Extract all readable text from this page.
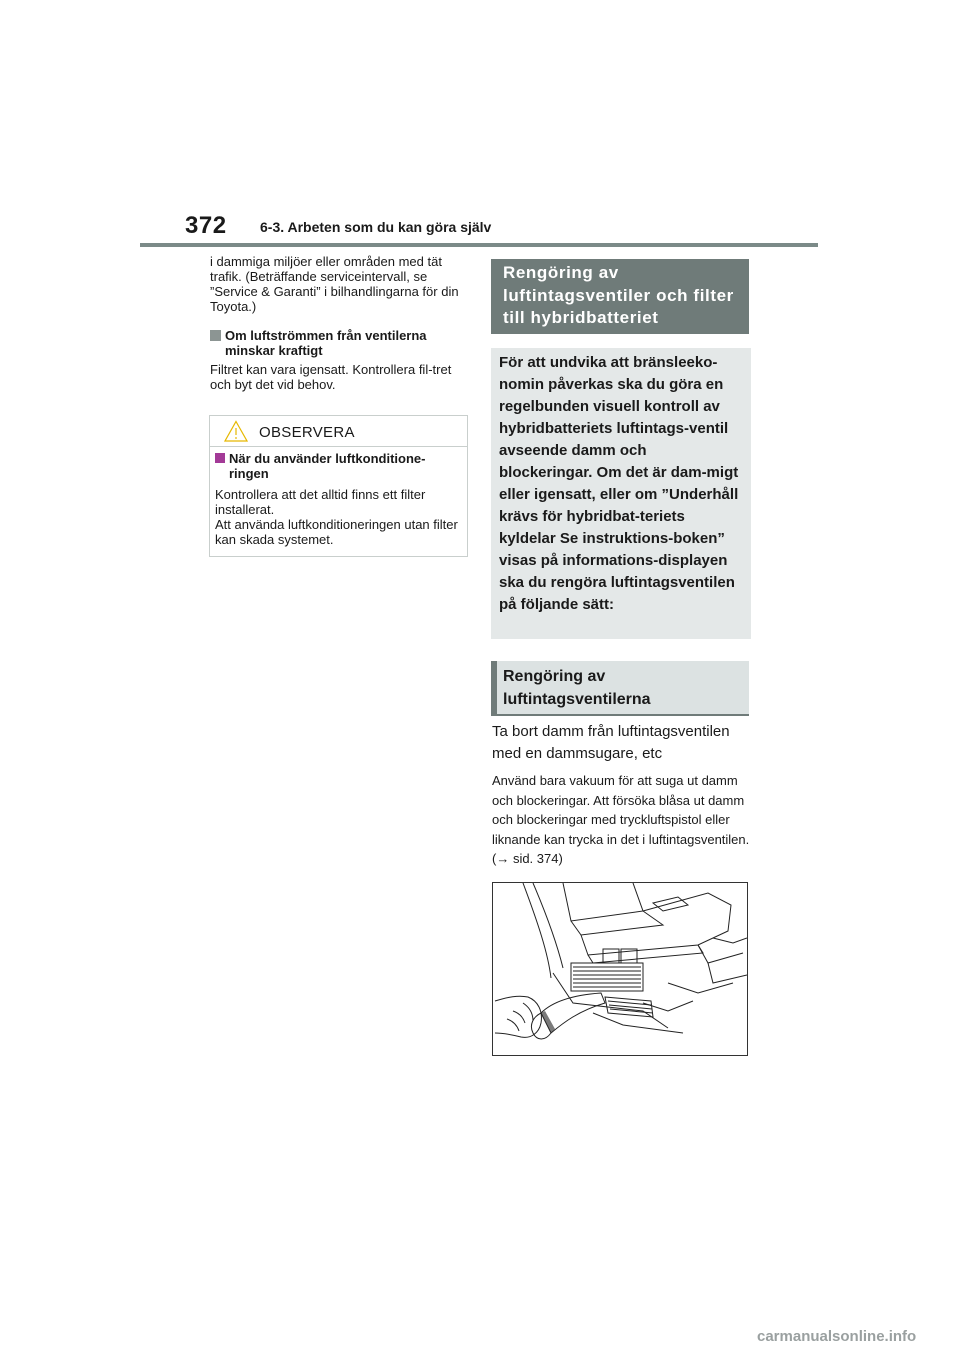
372 6-3. Arbeten som du kan göra själv

i dammiga miljöer eller områden med tät trafik. (Beträffande serviceintervall, se ”Service & Garanti” i bilhandlingarna för din Toyota.)

Om luftströmmen från ventilerna minskar kraftigt

Filtret kan vara igensatt. Kontrollera fil-tret och byt det vid behov.

OBSERVERA

När du använder luftkonditione-ringen

Kontrollera att det alltid finns ett filter installerat.

Att använda luftkonditioneringen utan filter kan skada systemet.

Rengöring av luftintagsventiler och filter till hybridbatteriet
För att undvika att bränsleeko-nomin påverkas ska du göra en regelbunden visuell kontroll av hybridbatteriets luftintags-ventil avseende damm och blockeringar. Om det är dam-migt eller igensatt, eller om ”Underhåll krävs för hybridbat-teriets kyldelar Se instruktions-boken” visas på informations-displayen ska du rengöra luftintagsventilen på följande sätt:
Rengöring av luftintagsventilerna
Ta bort damm från luftintagsventilen med en dammsugare, etc
Använd bara vakuum för att suga ut damm och blockeringar. Att försöka blåsa ut damm och blockeringar med tryckluftspistol eller liknande kan trycka in det i luftintagsventilen. (→ sid. 374)
carmanualsonline.info
